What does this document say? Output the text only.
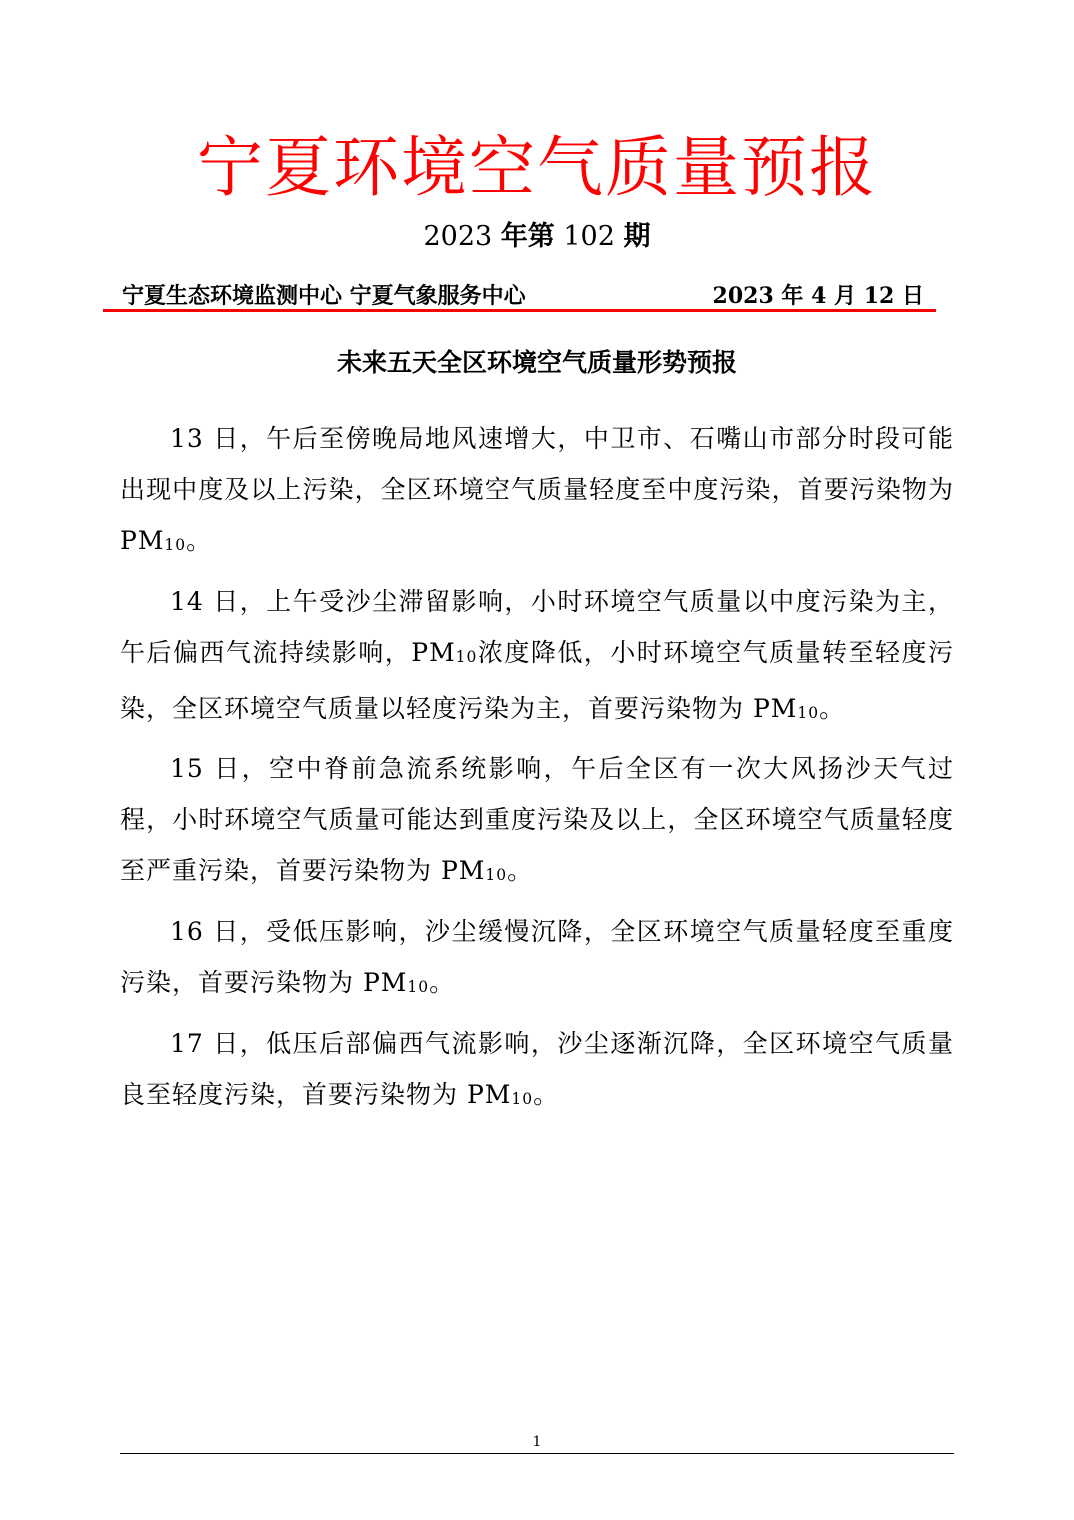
宁夏环境空气质量预报
2023 年第 102 期
宁夏生态环境监测中心 宁夏气象服务中心	2023 年 4 月 12 日
未来五天全区环境空气质量形势预报

13 日，午后至傍晚局地风速增大，中卫市、石嘴山市部分时段可能出现中度及以上污染，全区环境空气质量轻度至中度污染，首要污染物为 PM10。

14 日，上午受沙尘滞留影响，小时环境空气质量以中度污染为主，午后偏西气流持续影响，PM10浓度降低，小时环境空气质量转至轻度污染，全区环境空气质量以轻度污染为主，首要污染物为 PM10。

15 日，空中脊前急流系统影响，午后全区有一次大风扬沙天气过程，小时环境空气质量可能达到重度污染及以上，全区环境空气质量轻度至严重污染，首要污染物为 PM10。

16 日，受低压影响，沙尘缓慢沉降，全区环境空气质量轻度至重度污染，首要污染物为 PM10。

17 日，低压后部偏西气流影响，沙尘逐渐沉降，全区环境空气质量良至轻度污染，首要污染物为 PM10。

1
